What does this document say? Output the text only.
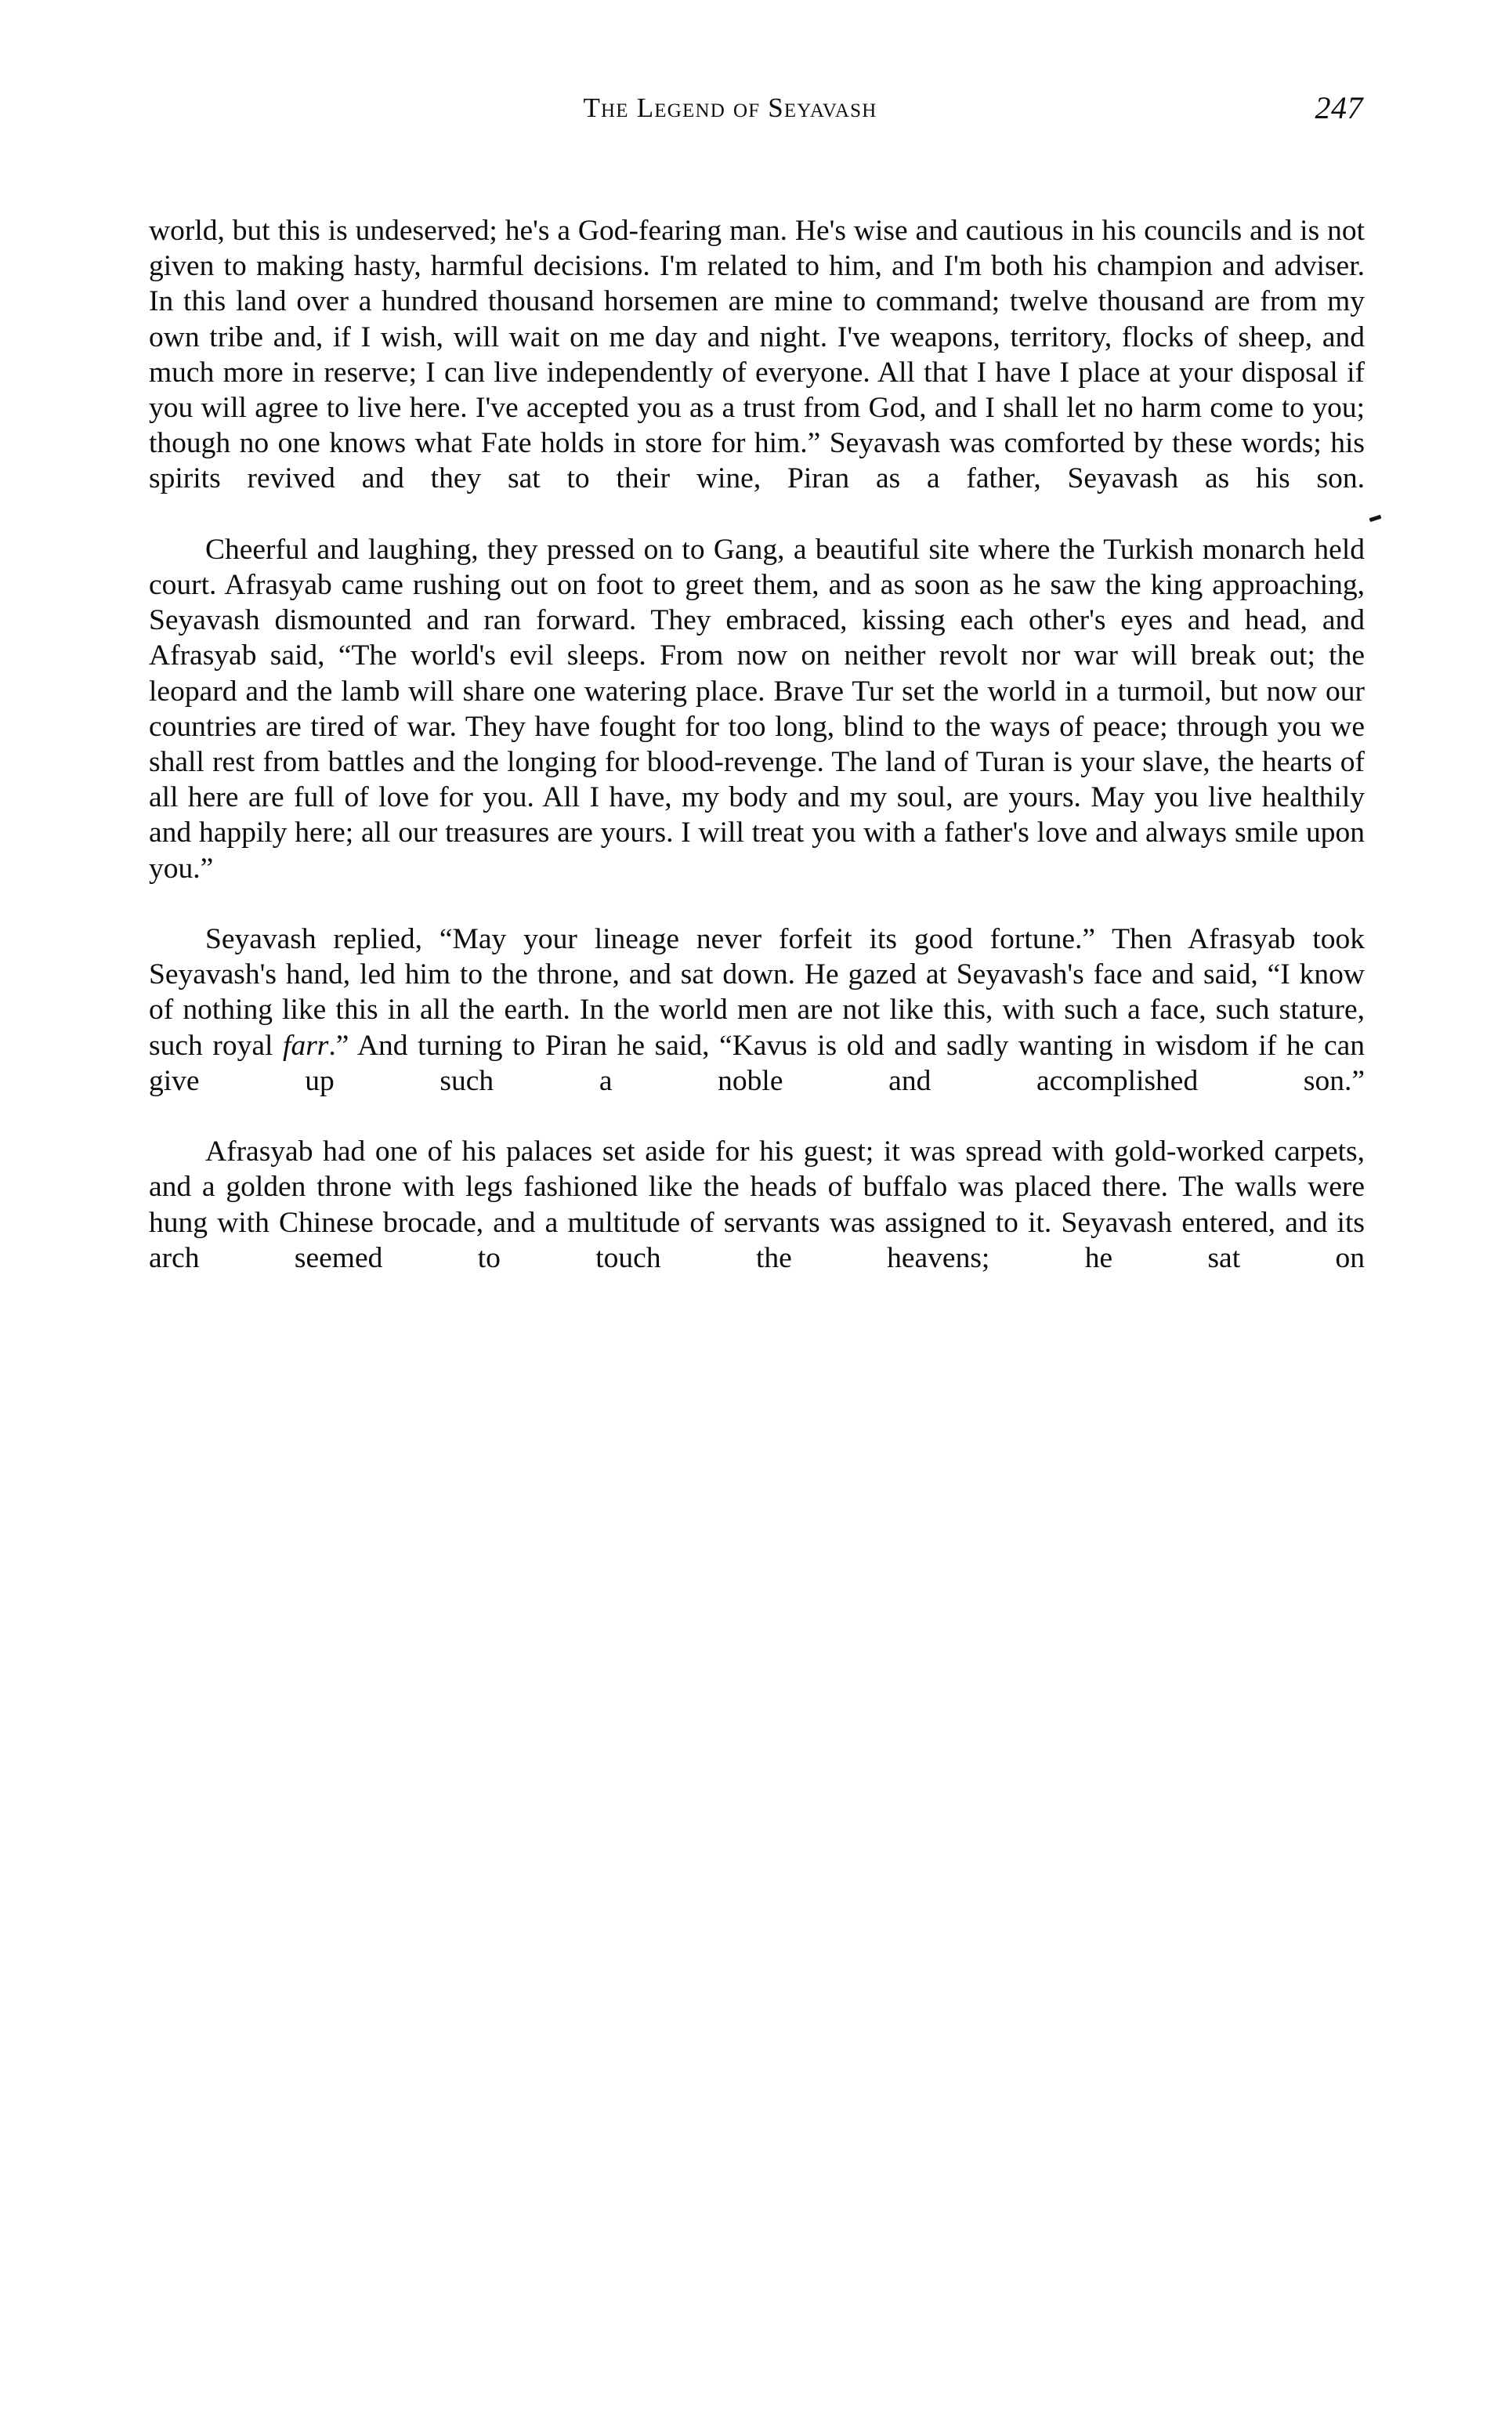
The Legend of Seyavash	247

world, but this is undeserved; he's a God-fearing man. He's wise and cautious in his councils and is not given to making hasty, harmful decisions. I'm related to him, and I'm both his champion and adviser. In this land over a hundred thousand horsemen are mine to command; twelve thousand are from my own tribe and, if I wish, will wait on me day and night. I've weapons, territory, flocks of sheep, and much more in reserve; I can live independently of everyone. All that I have I place at your disposal if you will agree to live here. I've accepted you as a trust from God, and I shall let no harm come to you; though no one knows what Fate holds in store for him.” Seyavash was comforted by these words; his spirits revived and they sat to their wine, Piran as a father, Seyavash as his son.

Cheerful and laughing, they pressed on to Gang, a beautiful site where the Turkish monarch held court. Afrasyab came rushing out on foot to greet them, and as soon as he saw the king approaching, Seyavash dismounted and ran forward. They embraced, kissing each other's eyes and head, and Afrasyab said, “The world's evil sleeps. From now on neither revolt nor war will break out; the leopard and the lamb will share one watering place. Brave Tur set the world in a turmoil, but now our countries are tired of war. They have fought for too long, blind to the ways of peace; through you we shall rest from battles and the longing for blood-revenge. The land of Turan is your slave, the hearts of all here are full of love for you. All I have, my body and my soul, are yours. May you live healthily and happily here; all our treasures are yours. I will treat you with a father's love and always smile upon you.”

Seyavash replied, “May your lineage never forfeit its good fortune.” Then Afrasyab took Seyavash's hand, led him to the throne, and sat down. He gazed at Seyavash's face and said, “I know of nothing like this in all the earth. In the world men are not like this, with such a face, such stature, such royal farr.” And turning to Piran he said, “Kavus is old and sadly wanting in wisdom if he can give up such a noble and accomplished son.”

Afrasyab had one of his palaces set aside for his guest; it was spread with gold-worked carpets, and a golden throne with legs fashioned like the heads of buffalo was placed there. The walls were hung with Chinese brocade, and a multitude of servants was assigned to it. Seyavash entered, and its arch seemed to touch the heavens; he sat on
